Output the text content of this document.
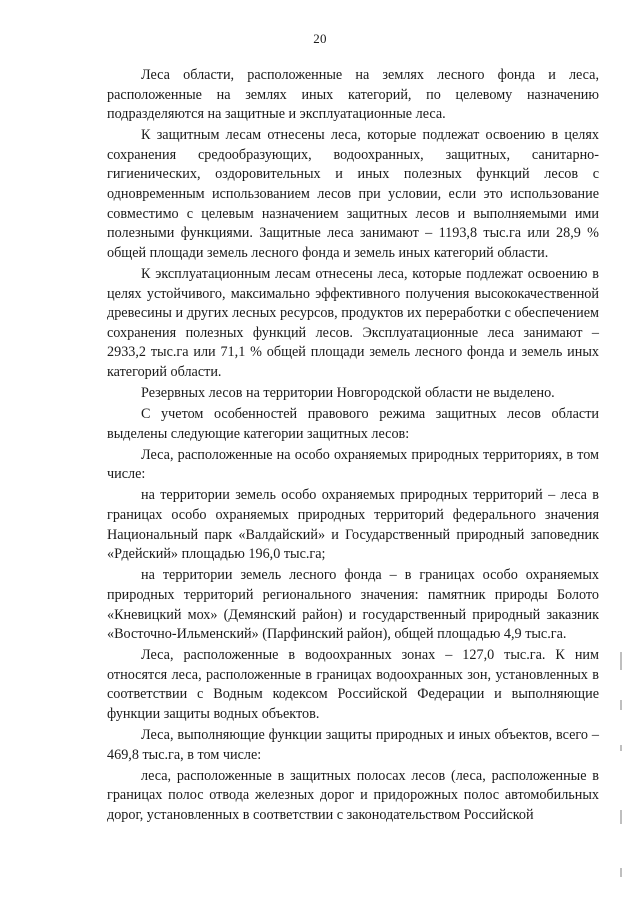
20

Леса области, расположенные на землях лесного фонда и леса, расположенные на землях иных категорий, по целевому назначению подразделяются на защитные и эксплуатационные леса.

К защитным лесам отнесены леса, которые подлежат освоению в целях сохранения средообразующих, водоохранных, защитных, санитарно-гигиенических, оздоровительных и иных полезных функций лесов с одновременным использованием лесов при условии, если это использование совместимо с целевым назначением защитных лесов и выполняемыми ими полезными функциями. Защитные леса занимают – 1193,8 тыс.га или 28,9 % общей площади земель лесного фонда и земель иных категорий области.

К эксплуатационным лесам отнесены леса, которые подлежат освоению в целях устойчивого, максимально эффективного получения высококачественной древесины и других лесных ресурсов, продуктов их переработки с обеспечением сохранения полезных функций лесов. Эксплуатационные леса занимают – 2933,2 тыс.га или 71,1 % общей площади земель лесного фонда и земель иных категорий области.

Резервных лесов на территории Новгородской области не выделено.

С учетом особенностей правового режима защитных лесов области выделены следующие категории защитных лесов:

Леса, расположенные на особо охраняемых природных территориях, в том числе:

на территории земель особо охраняемых природных территорий – леса в границах особо охраняемых природных территорий федерального значения Национальный парк «Валдайский» и Государственный природный заповедник «Рдейский» площадью 196,0 тыс.га;

на территории земель лесного фонда – в границах особо охраняемых природных территорий регионального значения: памятник природы Болото «Кневицкий мох» (Демянский район) и государственный природный заказник «Восточно-Ильменский» (Парфинский район), общей площадью 4,9 тыс.га.

Леса, расположенные в водоохранных зонах – 127,0 тыс.га. К ним относятся леса, расположенные в границах водоохранных зон, установленных в соответствии с Водным кодексом Российской Федерации и выполняющие функции защиты водных объектов.

Леса, выполняющие функции защиты природных и иных объектов, всего – 469,8 тыс.га, в том числе:

леса, расположенные в защитных полосах лесов (леса, расположенные в границах полос отвода железных дорог и придорожных полос автомобильных дорог, установленных в соответствии с законодательством Российской
